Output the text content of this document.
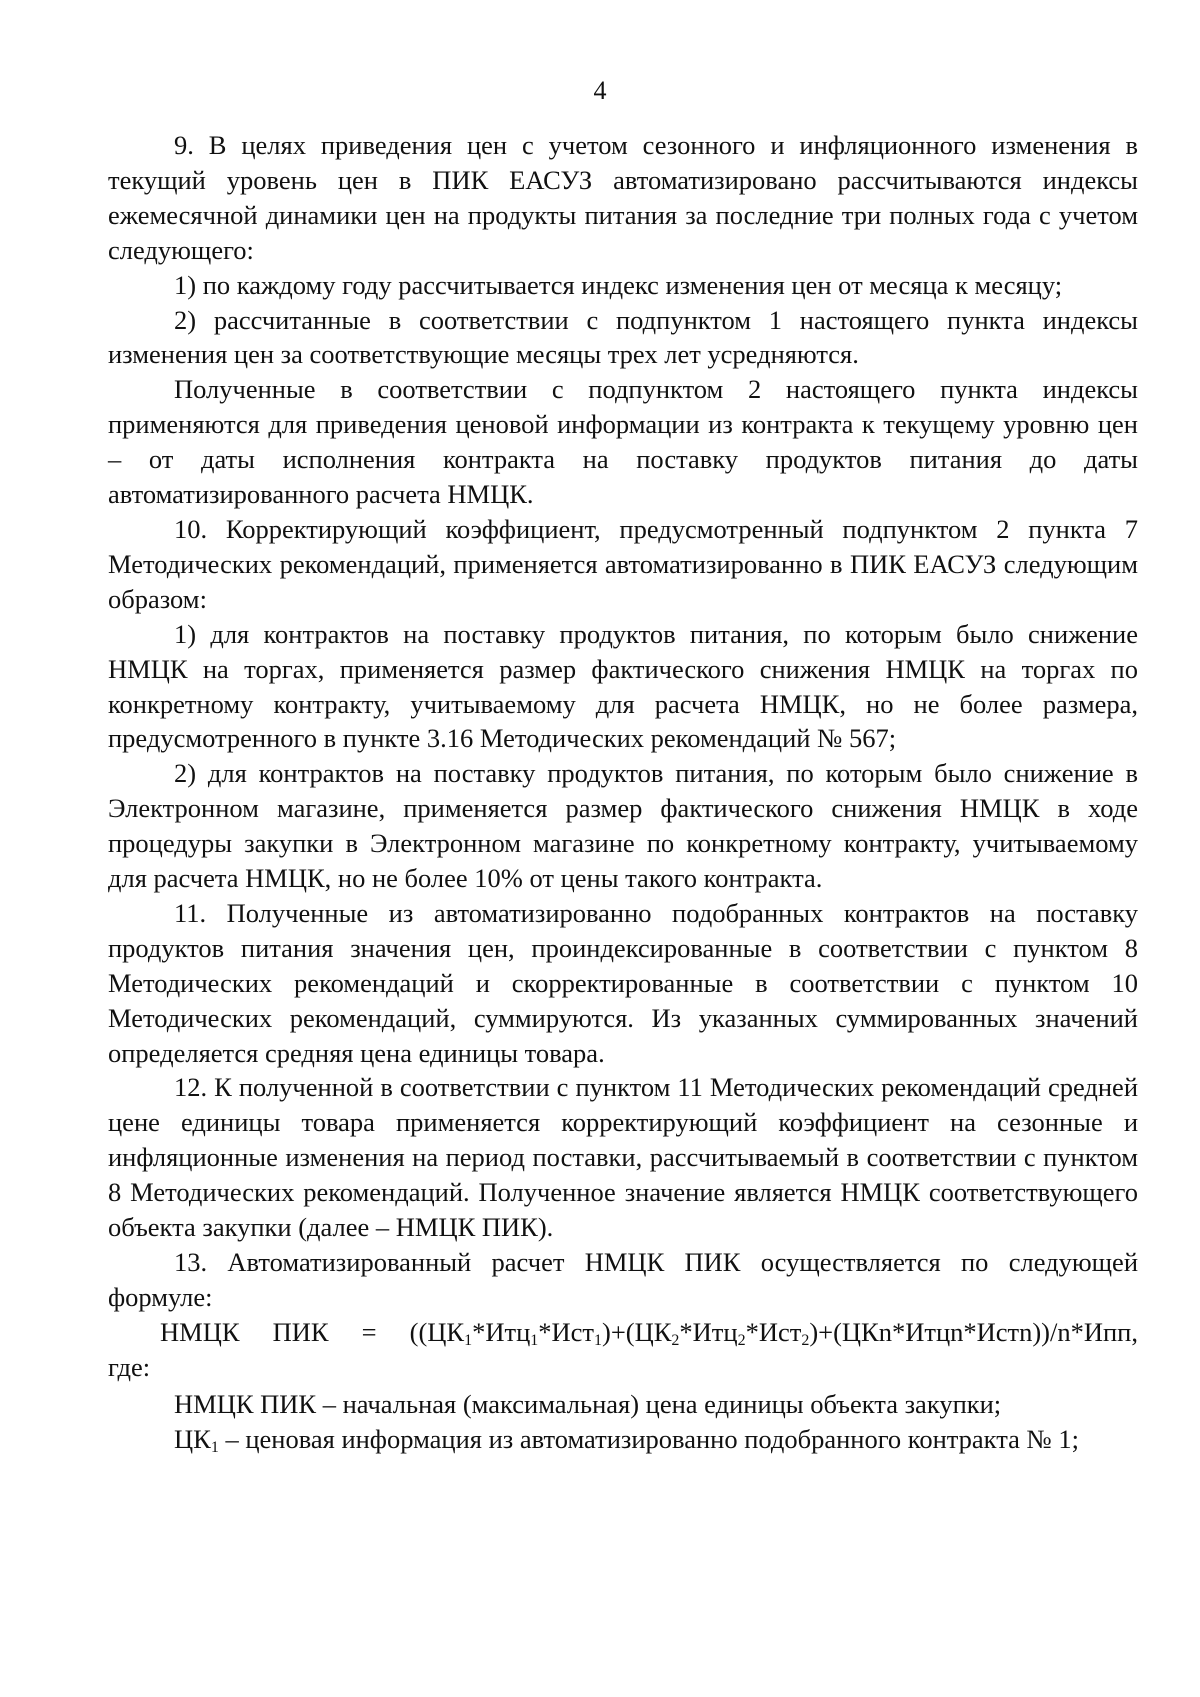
4

9. В целях приведения цен с учетом сезонного и инфляционного изменения в текущий уровень цен в ПИК ЕАСУЗ автоматизировано рассчитываются индексы ежемесячной динамики цен на продукты питания за последние три полных года с учетом следующего:

1) по каждому году рассчитывается индекс изменения цен от месяца к месяцу;

2) рассчитанные в соответствии с подпунктом 1 настоящего пункта индексы изменения цен за соответствующие месяцы трех лет усредняются.

Полученные в соответствии с подпунктом 2 настоящего пункта индексы применяются для приведения ценовой информации из контракта к текущему уровню цен – от даты исполнения контракта на поставку продуктов питания до даты автоматизированного расчета НМЦК.

10. Корректирующий коэффициент, предусмотренный подпунктом 2 пункта 7 Методических рекомендаций, применяется автоматизированно в ПИК ЕАСУЗ следующим образом:

1) для контрактов на поставку продуктов питания, по которым было снижение НМЦК на торгах, применяется размер фактического снижения НМЦК на торгах по конкретному контракту, учитываемому для расчета НМЦК, но не более размера, предусмотренного в пункте 3.16 Методических рекомендаций № 567;

2) для контрактов на поставку продуктов питания, по которым было снижение в Электронном магазине, применяется размер фактического снижения НМЦК в ходе процедуры закупки в Электронном магазине по конкретному контракту, учитываемому для расчета НМЦК, но не более 10% от цены такого контракта.

11. Полученные из автоматизированно подобранных контрактов на поставку продуктов питания значения цен, проиндексированные в соответствии с пунктом 8 Методических рекомендаций и скорректированные в соответствии с пунктом 10 Методических рекомендаций, суммируются. Из указанных суммированных значений определяется средняя цена единицы товара.

12. К полученной в соответствии с пунктом 11 Методических рекомендаций средней цене единицы товара применяется корректирующий коэффициент на сезонные и инфляционные изменения на период поставки, рассчитываемый в соответствии с пунктом 8 Методических рекомендаций. Полученное значение является НМЦК соответствующего объекта закупки (далее – НМЦК ПИК).

13. Автоматизированный расчет НМЦК ПИК осуществляется по следующей формуле:

НМЦК ПИК = $((ЦК_1*Итц_1*Ист_1)+(ЦК_2*Итц_2*Ист_2)+(ЦКn*Итцn*Истn))/n*Ипп$,

где:

НМЦК ПИК – начальная (максимальная) цена единицы объекта закупки;

$ЦК_1$ – ценовая информация из автоматизированно подобранного контракта № 1;
